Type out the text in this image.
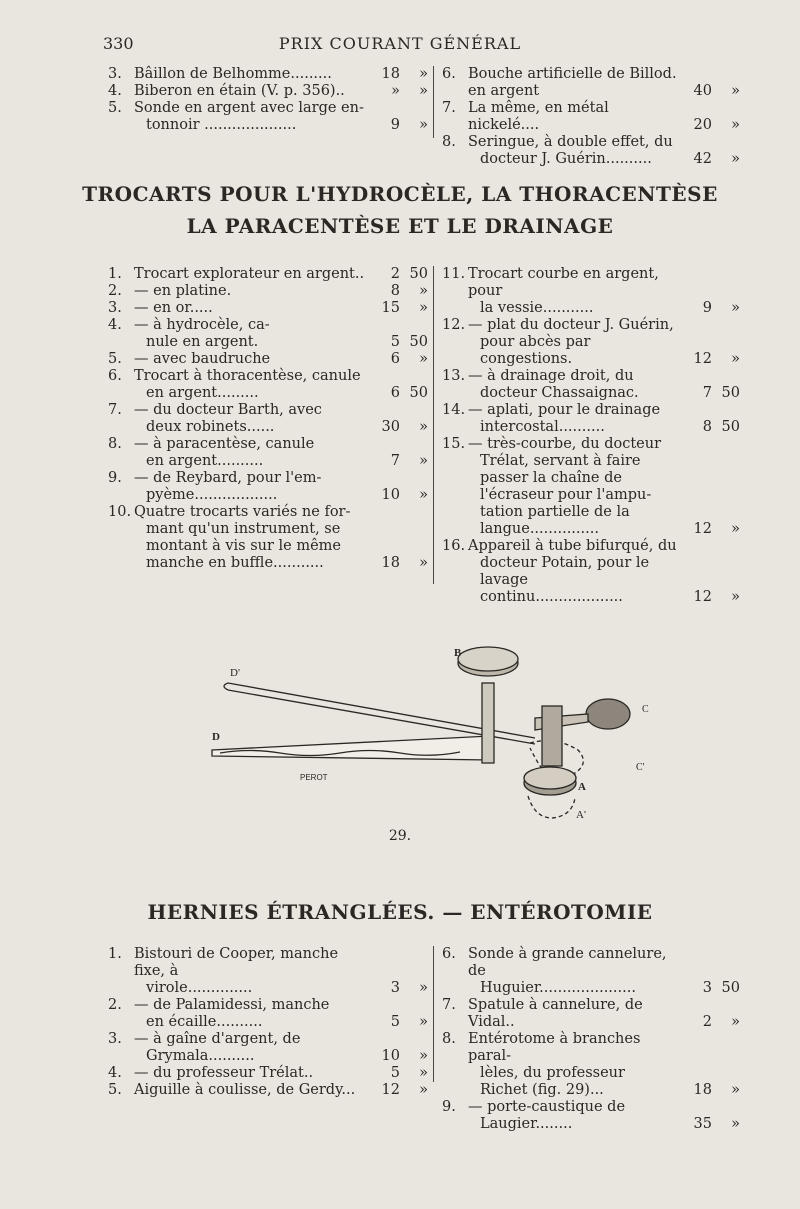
330	PRIX COURANT GÉNÉRAL
3. Bâillon de Belhomme.........	18 »
4. Biberon en étain (V. p. 356)..	» »
5. Sonde en argent avec large en-
tonnoir ....................	9 »
6. Bouche artificielle de Billod. en argent	40 »
7. La même, en métal nickelé....	20 »
8. Seringue, à double effet, du
docteur J. Guérin..........	42 »
TROCARTS POUR L'HYDROCÈLE, LA THORACENTÈSE
LA PARACENTÈSE ET LE DRAINAGE
1. Trocart explorateur en argent..	2 50
2. — en platine.	8 »
3. — en or.....	15 »
4. — à hydrocèle, ca-
nule en argent.	5 50
5. — avec baudruche	6 »
6. Trocart à thoracentèse, canule
en argent.........	6 50
7. — du docteur Barth, avec
deux robinets......	30 »
8. — à paracentèse, canule
en argent..........	7 »
9. — de Reybard, pour l'em-
pyème..................	10 »
10. Quatre trocarts variés ne for-
mant qu'un instrument, se
montant à vis sur le même
manche en buffle...........	18 »
11. Trocart courbe en argent, pour
la vessie...........	9 »
12. — plat du docteur J. Guérin,
pour abcès par congestions.	12 »
13. — à drainage droit, du
docteur Chassaignac.	7 50
14. — aplati, pour le drainage
intercostal..........	8 50
15. — très-courbe, du docteur
Trélat, servant à faire
passer la chaîne de
l'écraseur pour l'ampu-
tation partielle de la
langue...............	12 »
16. Appareil à tube bifurqué, du
docteur Potain, pour le lavage
continu...................	12 »
B
D'
D
C
C'
A
A'
PEROT
29.
HERNIES ÉTRANGLÉES. — ENTÉROTOMIE
1. Bistouri de Cooper, manche fixe, à
virole..............	3 »
2. — de Palamidessi, manche
en écaille..........	5 »
3. — à gaîne d'argent, de
Grymala..........	10 »
4. — du professeur Trélat..	5 »
5. Aiguille à coulisse, de Gerdy...	12 »
6. Sonde à grande cannelure, de
Huguier.....................	3 50
7. Spatule à cannelure, de Vidal..	2 »
8. Entérotome à branches paral-
lèles, du professeur
Richet (fig. 29)...	18 »
9. — porte-caustique de
Laugier........	35 »
